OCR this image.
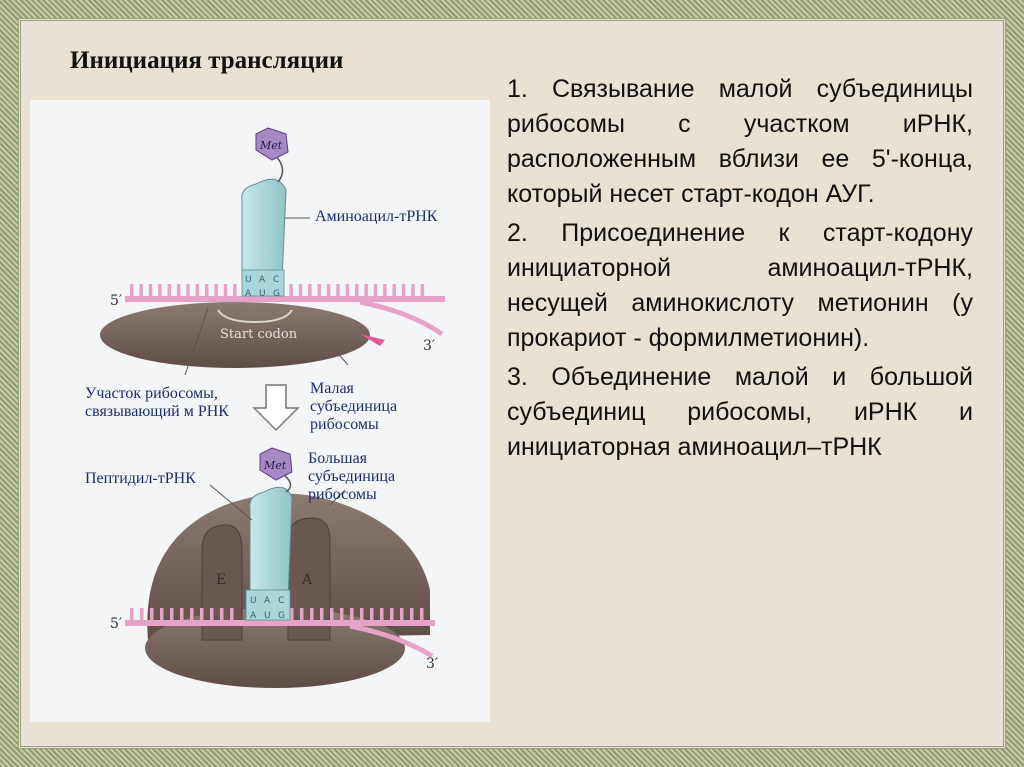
Инициация трансляции
Start codon
5′
3′
U A C
A U G
Met
E	A
5′
3′
U A C
A U G
Met
Аминоацил-тРНК
Участок рибосомы, связывающий м РНК
Малая субъединица рибосомы
Большая субъединица рибосомы
Пептидил-тРНК

1. Связывание малой субъединицы рибосомы с участком иРНК, расположенным вблизи ее 5'-конца, который несет старт-кодон АУГ.

2. Присоединение к старт-кодону инициаторной аминоацил-тРНК, несущей аминокислоту метионин (у прокариот - формилметионин).

3. Объединение малой и большой субъединиц рибосомы, иРНК и инициаторная аминоацил–тРНК
